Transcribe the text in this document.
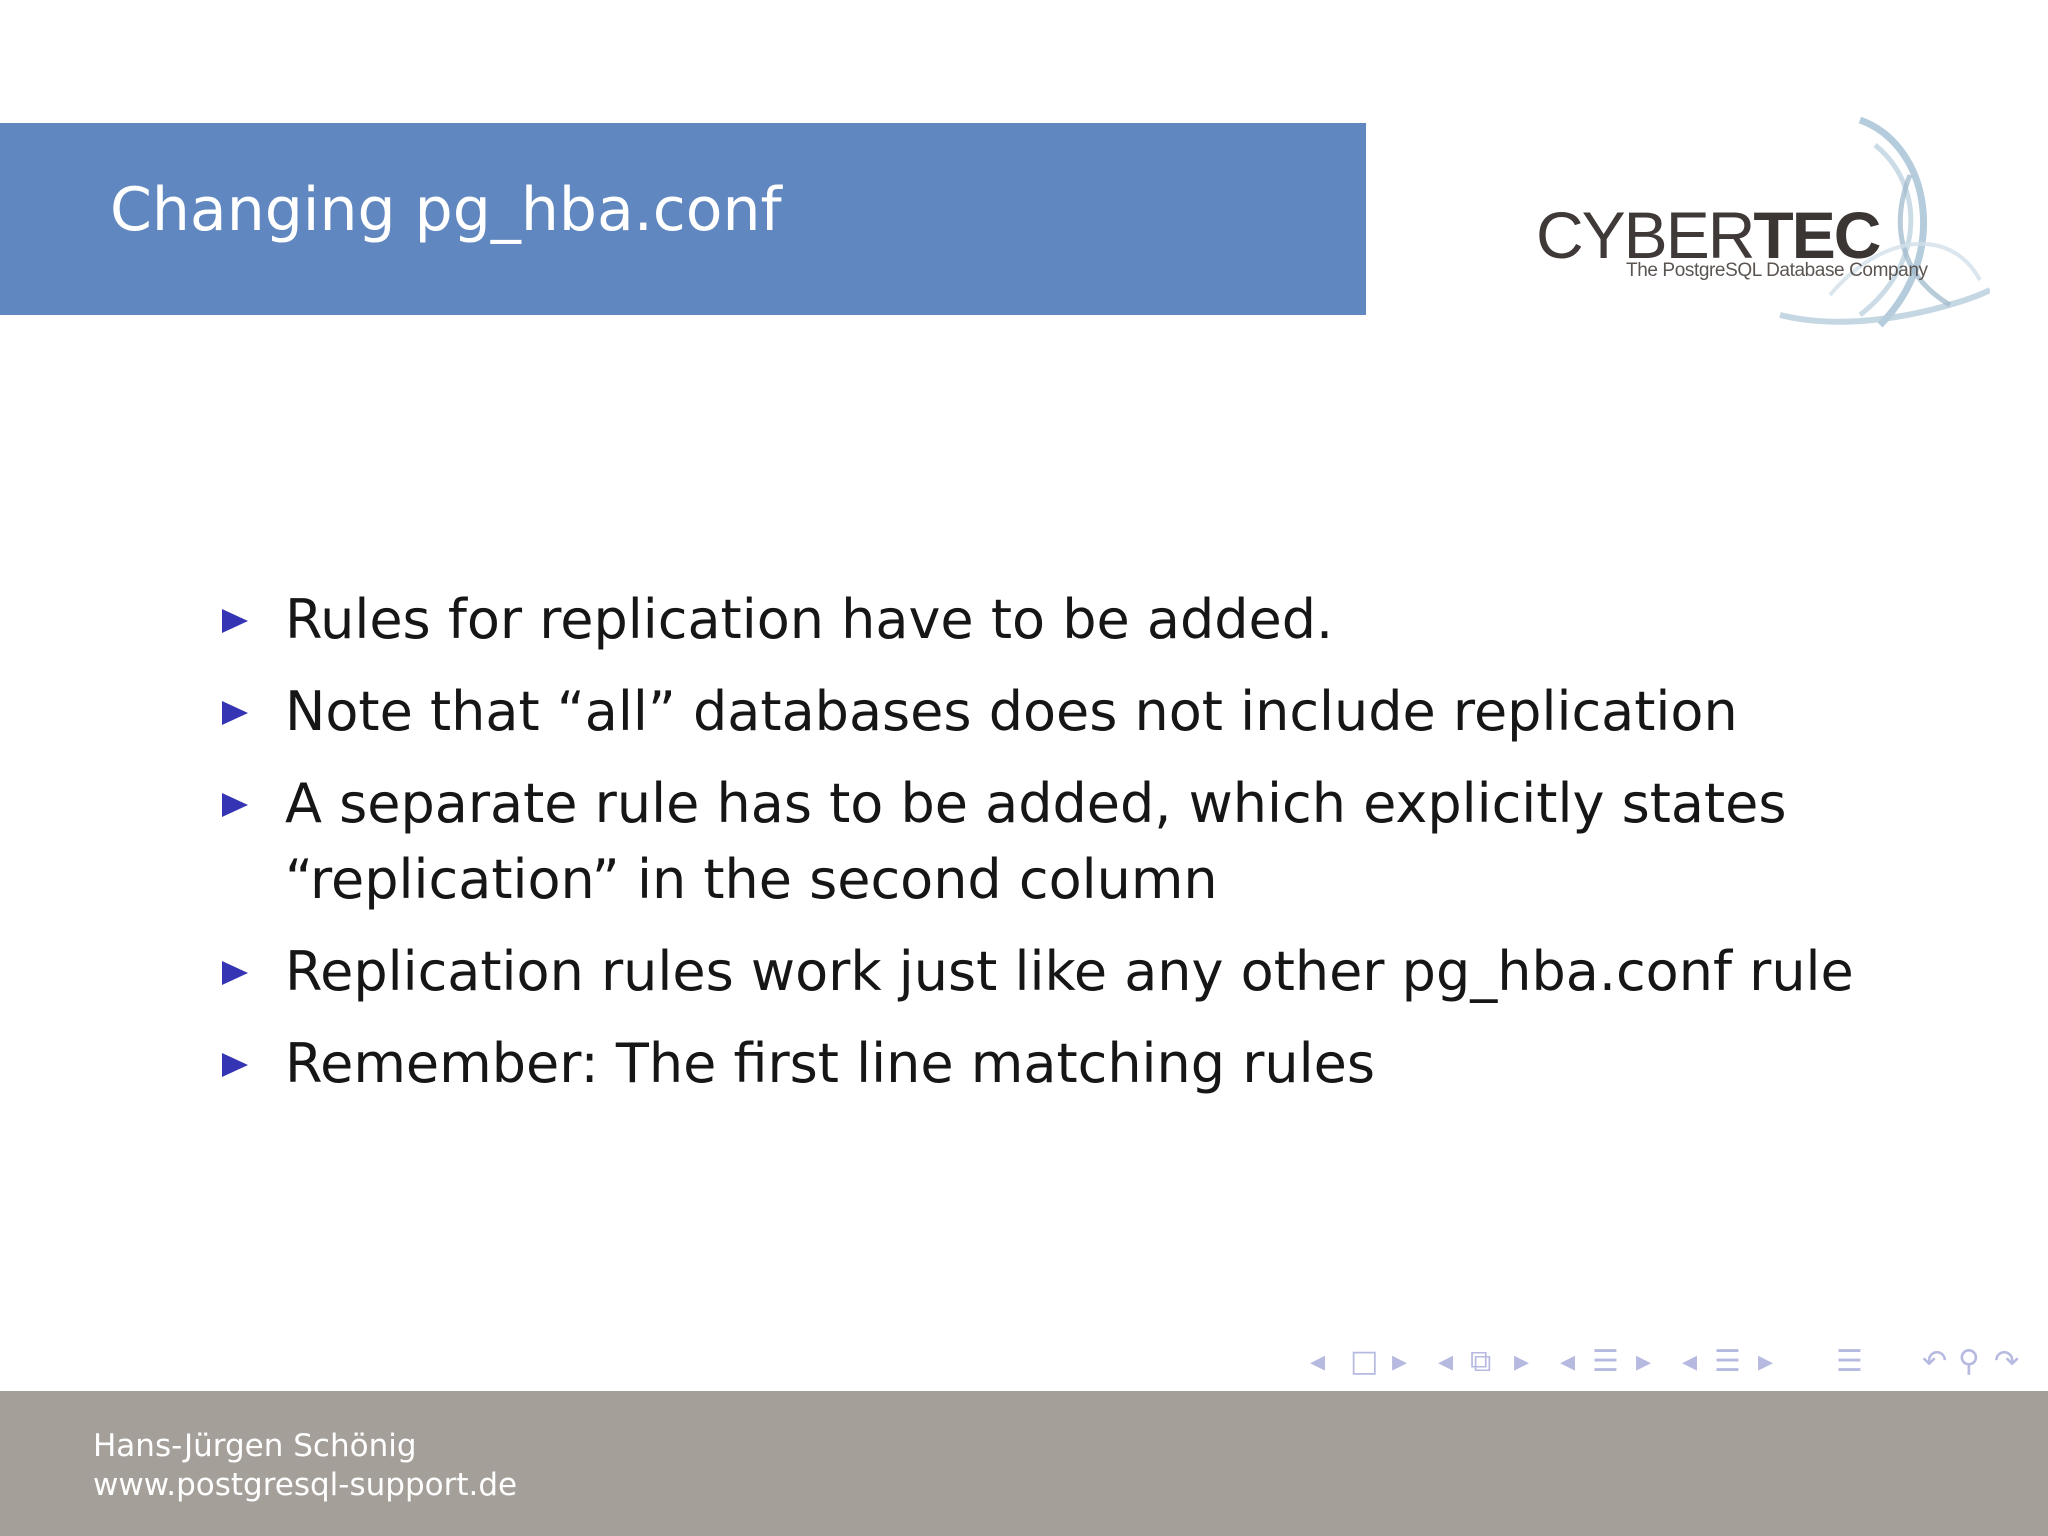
Changing pg_hba.conf	CYBERTEC
The PostgreSQL Database Company
Rules for replication have to be added.
Note that “all” databases does not include replication
A separate rule has to be added, which explicitly states “replication” in the second column
Replication rules work just like any other pg_hba.conf rule
Remember: The first line matching rules
◂ □ ▸ ◂ ⧉ ▸ ◂ ☰ ▸ ◂ ☰ ▸ ☰ ↶ ⚲ ↷
Hans-Jürgen Schönig
www.postgresql-support.de
